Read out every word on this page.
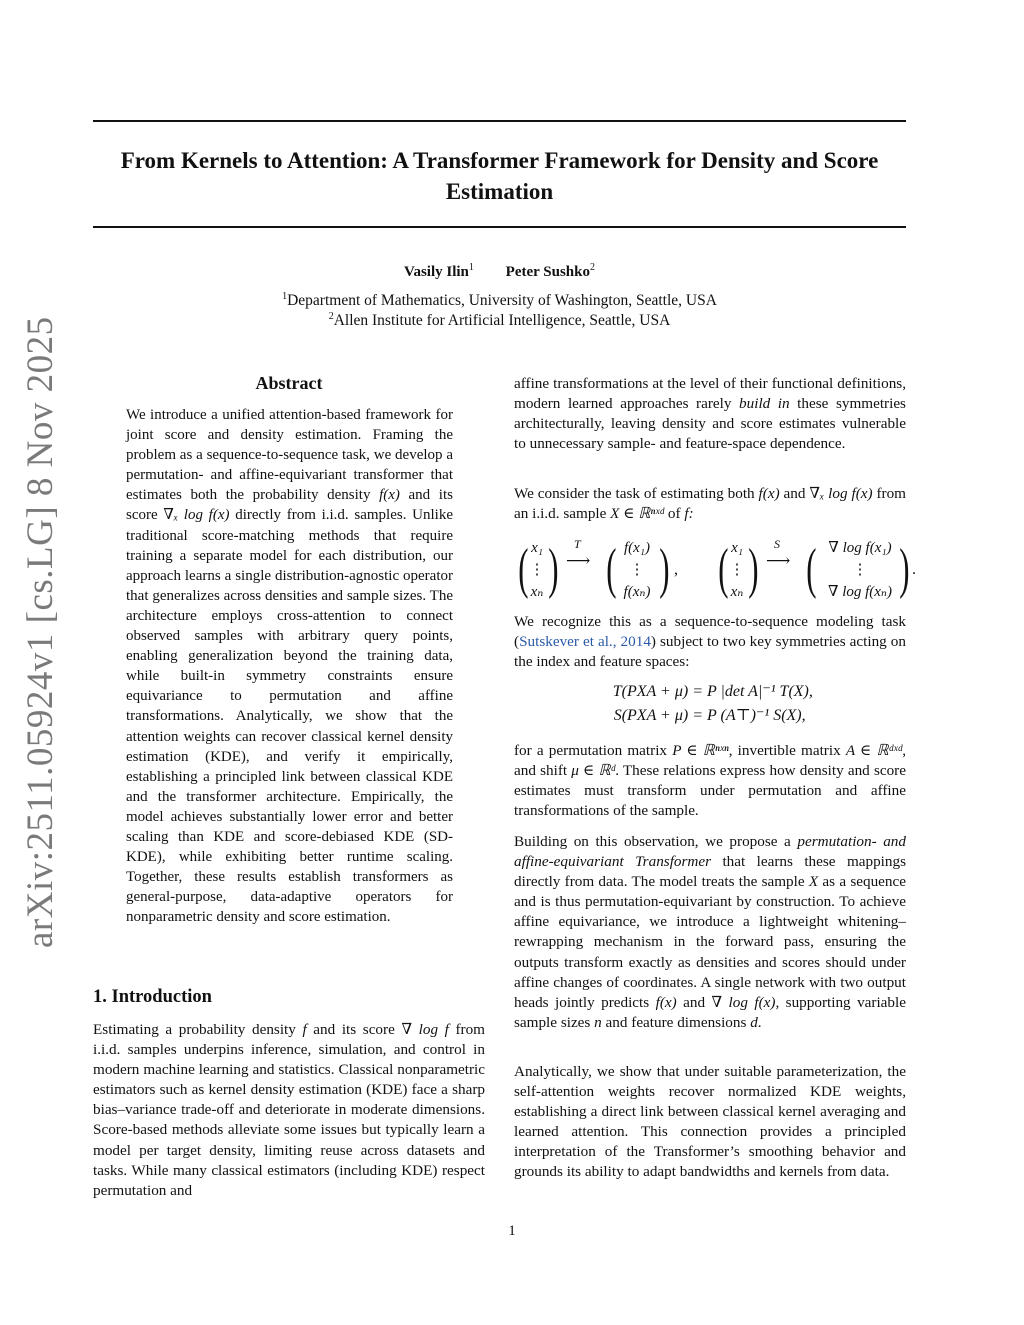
From Kernels to Attention: A Transformer Framework for Density and Score Estimation
Vasily Ilin$^1$ Peter Sushko$^2$
$^1$Department of Mathematics, University of Washington, Seattle, USA
$^2$Allen Institute for Artificial Intelligence, Seattle, USA
arXiv:2511.05924v1 [cs.LG] 8 Nov 2025	Abstract
We introduce a unified attention-based framework for joint score and density estimation. Framing the problem as a sequence-to-sequence task, we develop a permutation- and affine-equivariant transformer that estimates both the probability density f(x) and its score ∇ₓ log f(x) directly from i.i.d. samples. Unlike traditional score-matching methods that require training a separate model for each distribution, our approach learns a single distribution-agnostic operator that generalizes across densities and sample sizes. The architecture employs cross-attention to connect observed samples with arbitrary query points, enabling generalization beyond the training data, while built-in symmetry constraints ensure equivariance to permutation and affine transformations. Analytically, we show that the attention weights can recover classical kernel density estimation (KDE), and verify it empirically, establishing a principled link between classical KDE and the transformer architecture. Empirically, the model achieves substantially lower error and better scaling than KDE and score-debiased KDE (SD-KDE), while exhibiting better runtime scaling. Together, these results establish transformers as general-purpose, data-adaptive operators for nonparametric density and score estimation.
1. Introduction
Estimating a probability density f and its score ∇ log f from i.i.d. samples underpins inference, simulation, and control in modern machine learning and statistics. Classical nonparametric estimators such as kernel density estimation (KDE) face a sharp bias–variance trade-off and deteriorate in moderate dimensions. Score-based methods alleviate some issues but typically learn a model per target density, limiting reuse across datasets and tasks. While many classical estimators (including KDE) respect permutation and
affine transformations at the level of their functional definitions, modern learned approaches rarely build in these symmetries architecturally, leaving density and score estimates vulnerable to unnecessary sample- and feature-space dependence.
We consider the task of estimating both f(x) and ∇ₓ log f(x) from an i.i.d. sample X ∈ ℝⁿˣᵈ of f:
( x₁
⋮
xₙ ) T
⟶ ( f(x₁)
⋮
f(xₙ) ) , ( x₁
⋮
xₙ ) S
⟶ ( ∇ log f(x₁)
⋮
∇ log f(xₙ) ) .
We recognize this as a sequence-to-sequence modeling task (Sutskever et al., 2014) subject to two key symmetries acting on the index and feature spaces:
T(PXA + μ) = P |det A|⁻¹ T(X),
S(PXA + μ) = P (A⊤)⁻¹ S(X),
for a permutation matrix P ∈ ℝⁿˣⁿ, invertible matrix A ∈ ℝᵈˣᵈ, and shift μ ∈ ℝᵈ. These relations express how density and score estimates must transform under permutation and affine transformations of the sample.
Building on this observation, we propose a permutation- and affine-equivariant Transformer that learns these mappings directly from data. The model treats the sample X as a sequence and is thus permutation-equivariant by construction. To achieve affine equivariance, we introduce a lightweight whitening–rewrapping mechanism in the forward pass, ensuring the outputs transform exactly as densities and scores should under affine changes of coordinates. A single network with two output heads jointly predicts f(x) and ∇ log f(x), supporting variable sample sizes n and feature dimensions d.
Analytically, we show that under suitable parameterization, the self-attention weights recover normalized KDE weights, establishing a direct link between classical kernel averaging and learned attention. This connection provides a principled interpretation of the Transformer’s smoothing behavior and grounds its ability to adapt bandwidths and kernels from data.
1
